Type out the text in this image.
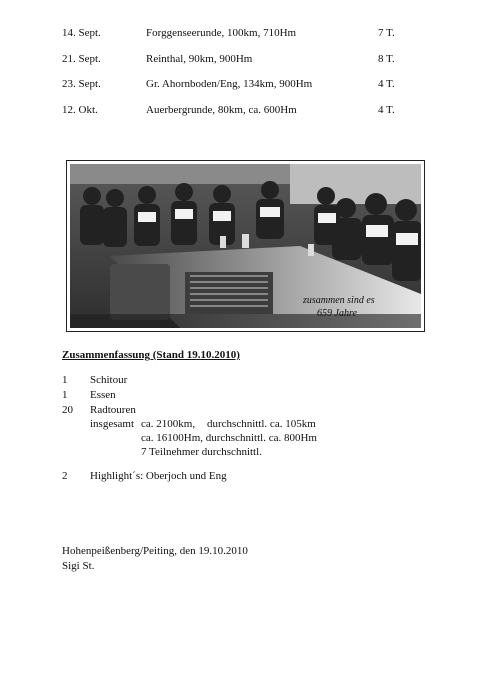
14. Sept.	Forggenseerunde, 100km, 710Hm	7 T.
21. Sept.	Reinthal, 90km, 900Hm	8 T.
23. Sept.	Gr. Ahornboden/Eng, 134km, 900Hm	4 T.
12. Okt.	Auerbergrunde, 80km, ca. 600Hm	4 T.
zusammen sind es
659 Jahre
Zusammenfassung (Stand 19.10.2010)
1 Schitour
1 Essen
20 Radtouren
insgesamt ca. 2100km, durchschnittl. ca. 105km
ca. 16100Hm, durchschnittl. ca. 800Hm
7 Teilnehmer durchschnittl.
2 Highlight´s: Oberjoch und Eng
Hohenpeißenberg/Peiting, den 19.10.2010
Sigi St.
